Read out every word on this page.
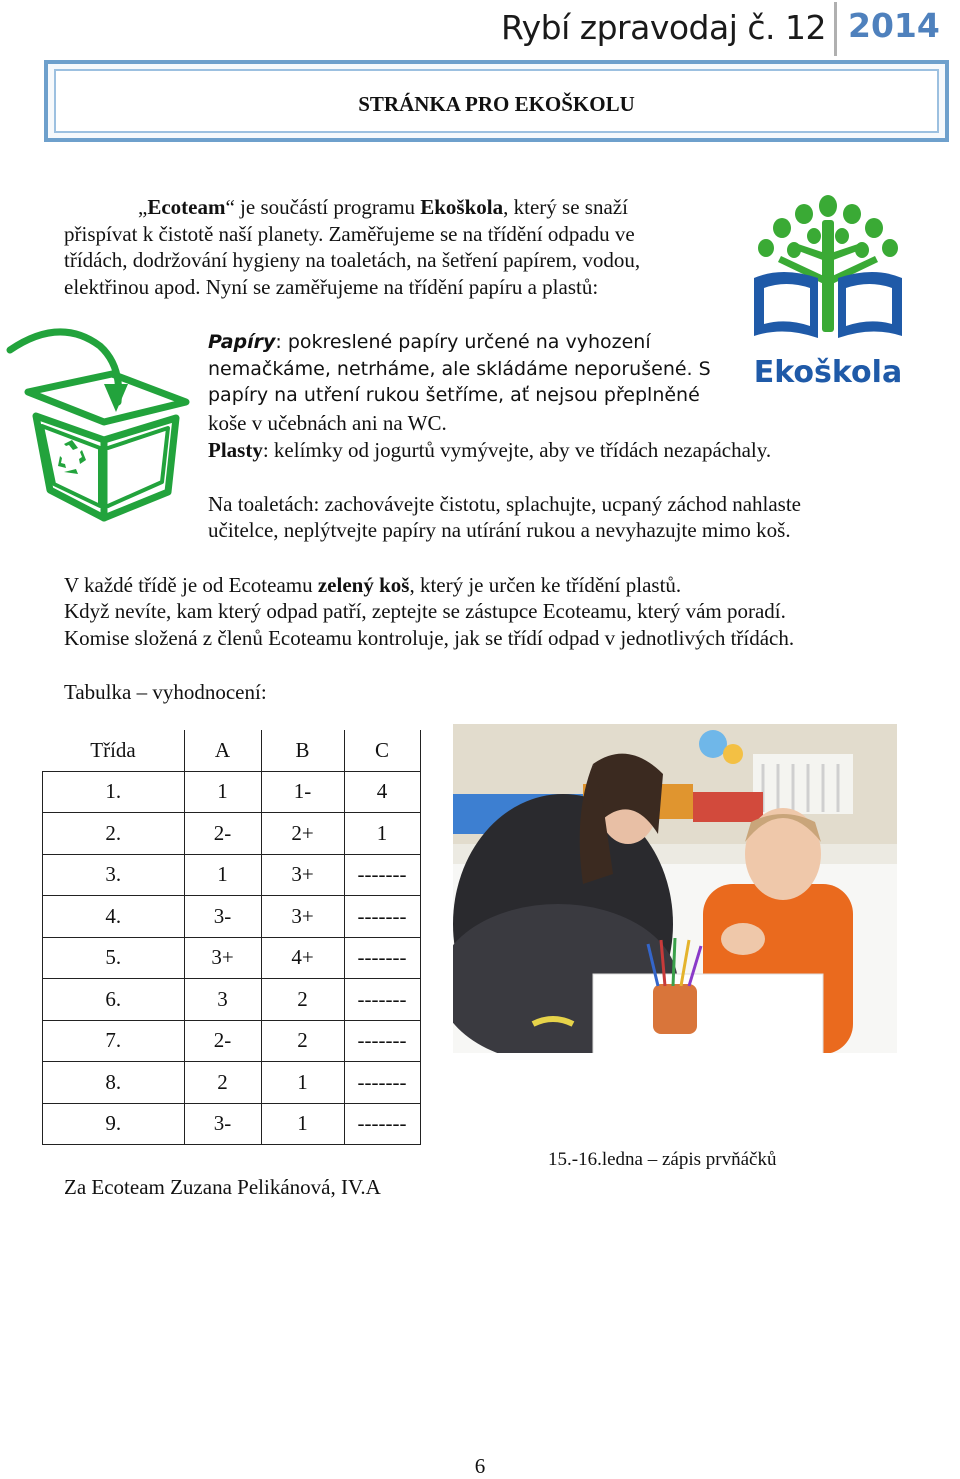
Rybí zpravodaj č. 12 2014
STRÁNKA PRO EKOŠKOLU
„Ecoteam“ je součástí programu Ekoškola, který se snaží
přispívat k čistotě naší planety. Zaměřujeme se na třídění odpadu ve
třídách, dodržování hygieny na toaletách, na šetření papírem, vodou,
elektřinou apod. Nyní se zaměřujeme na třídění papíru a plastů:
Ekoškola
Papíry: pokreslené papíry určené na vyhození
nemačkáme, netrháme, ale skládáme neporušené. S
papíry na utření rukou šetříme, ať nejsou přeplněné
koše v učebnách ani na WC.
Plasty: kelímky od jogurtů vymývejte, aby ve třídách nezapáchaly.
Na toaletách: zachovávejte čistotu, splachujte, ucpaný záchod nahlaste
učitelce, neplýtvejte papíry na utírání rukou a nevyhazujte mimo koš.
V každé třídě je od Ecoteamu zelený koš, který je určen ke třídění plastů.
Když nevíte, kam který odpad patří, zeptejte se zástupce Ecoteamu, který vám poradí.
Komise složená z členů Ecoteamu kontroluje, jak se třídí odpad v jednotlivých třídách.
Tabulka – vyhodnocení:
Třída	A	B	C
1.	1	1-	4
2.	2-	2+	1
3.	1	3+	-------
4.	3-	3+	-------
5.	3+	4+	-------
6.	3	2	-------
7.	2-	2	-------
8.	2	1	-------
9.	3-	1	-------
Za Ecoteam Zuzana Pelikánová, IV.A
15.-16.ledna – zápis prvňáčků
6
